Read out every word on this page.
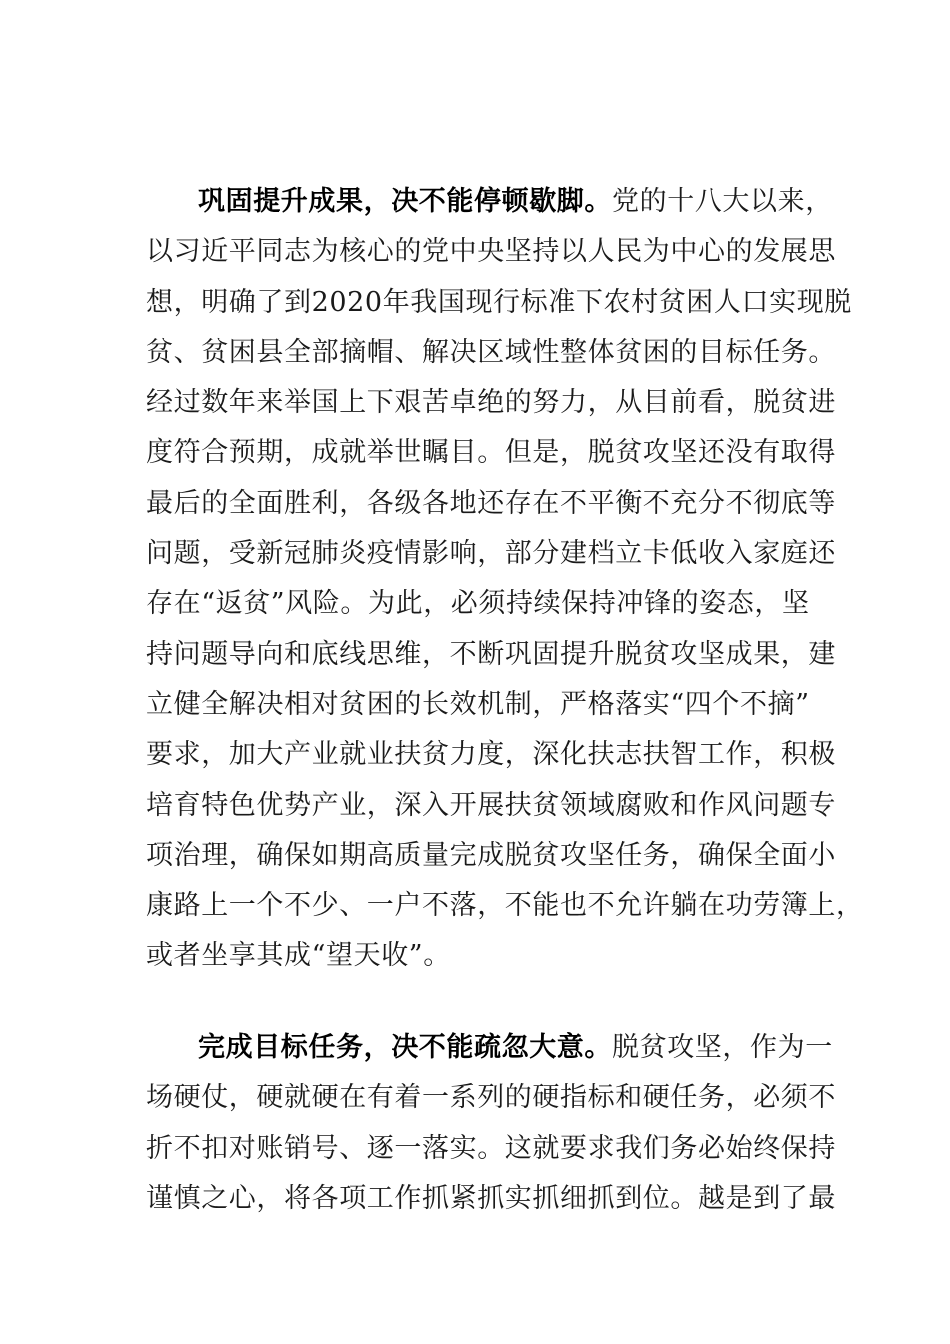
巩固提升成果，决不能停顿歇脚。党的十八大以来，
以习近平同志为核心的党中央坚持以人民为中心的发展思
想，明确了到2020年我国现行标准下农村贫困人口实现脱
贫、贫困县全部摘帽、解决区域性整体贫困的目标任务。
经过数年来举国上下艰苦卓绝的努力，从目前看，脱贫进
度符合预期，成就举世瞩目。但是，脱贫攻坚还没有取得
最后的全面胜利，各级各地还存在不平衡不充分不彻底等
问题，受新冠肺炎疫情影响，部分建档立卡低收入家庭还
存在“返贫”风险。为此，必须持续保持冲锋的姿态，坚
持问题导向和底线思维，不断巩固提升脱贫攻坚成果，建
立健全解决相对贫困的长效机制，严格落实“四个不摘”
要求，加大产业就业扶贫力度，深化扶志扶智工作，积极
培育特色优势产业，深入开展扶贫领域腐败和作风问题专
项治理，确保如期高质量完成脱贫攻坚任务，确保全面小
康路上一个不少、一户不落，不能也不允许躺在功劳簿上，
或者坐享其成“望天收”。
完成目标任务，决不能疏忽大意。脱贫攻坚，作为一
场硬仗，硬就硬在有着一系列的硬指标和硬任务，必须不
折不扣对账销号、逐一落实。这就要求我们务必始终保持
谨慎之心，将各项工作抓紧抓实抓细抓到位。越是到了最
